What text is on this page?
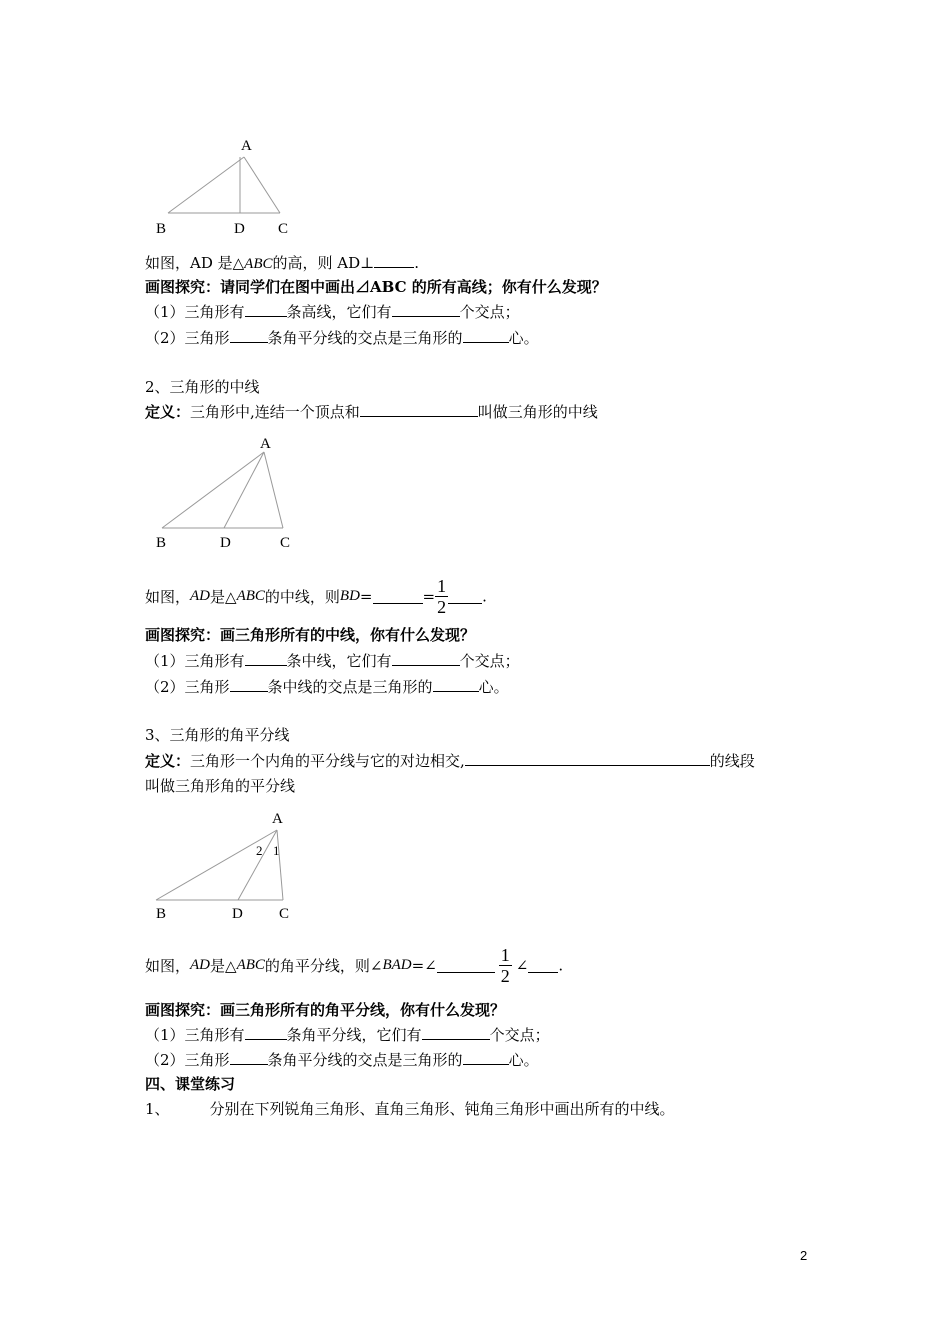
A
B	D C
如图，AD 是△ABC的高，则 AD⊥	.
画图探究：请同学们在图中画出⊿ABC 的所有高线；你有什么发现？
（1）三角形有	条高线，它们有	个交点；
（2）三角形	条角平分线的交点是三角形的	心。
2、三角形的中线
定义：三角形中,连结一个顶点和	叫做三角形的中线
A
B	D	C
如图，AD是△ABC的中线，则BD=	= $\frac{1}{2}$ .
画图探究：画三角形所有的中线，你有什么发现？
（1）三角形有	条中线，它们有	个交点；
（2）三角形	条中线的交点是三角形的	心。
3、三角形的角平分线
定义：三角形一个内角的平分线与它的对边相交,	的线段
叫做三角形角的平分线
A
2 1
B	D C
如图，AD是△ABC的角平分线，则∠BAD=∠	$\frac{1}{2}$ ∠ .
画图探究：画三角形所有的角平分线，你有什么发现？
（1）三角形有	条角平分线，它们有	个交点；
（2）三角形	条角平分线的交点是三角形的	心。
四、课堂练习
1、	分别在下列锐角三角形、直角三角形、钝角三角形中画出所有的中线。
2
